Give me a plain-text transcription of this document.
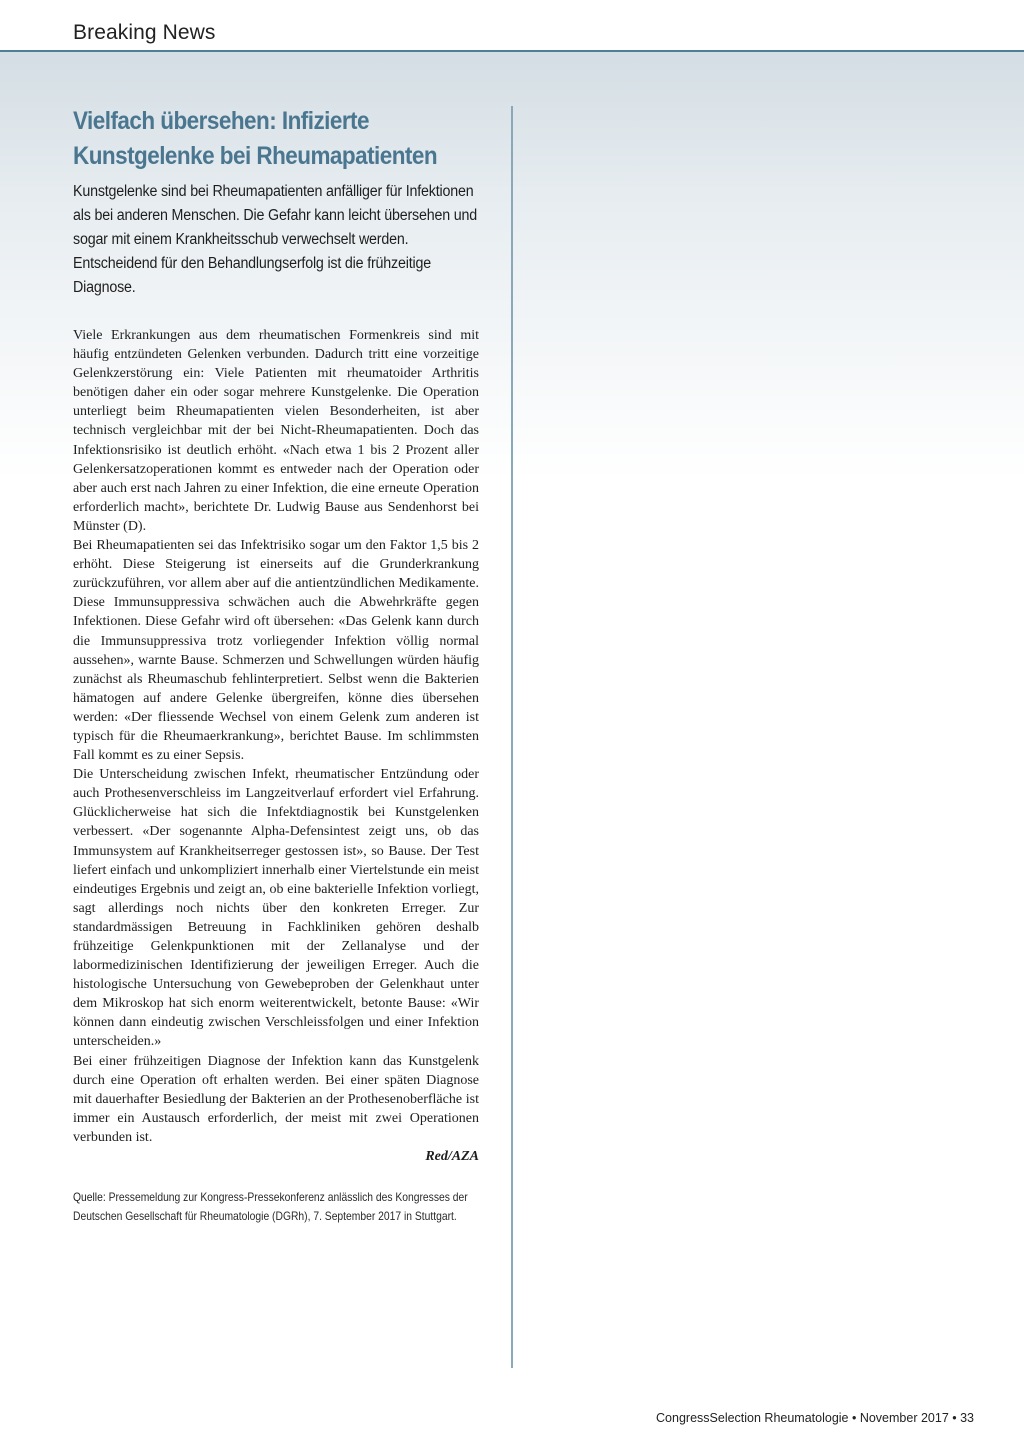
Breaking News
Vielfach übersehen: Infizierte Kunstgelenke bei Rheumapatienten

Kunstgelenke sind bei Rheumapatienten anfälliger für Infektionen als bei anderen Menschen. Die Gefahr kann leicht übersehen und sogar mit einem Krankheitsschub verwechselt werden. Entscheidend für den Behandlungserfolg ist die frühzeitige Diagnose.

Viele Erkrankungen aus dem rheumatischen Formenkreis sind mit häufig entzündeten Gelenken verbunden. Dadurch tritt eine vorzeitige Gelenkzerstörung ein: Viele Patienten mit rheumatoider Arthritis benötigen daher ein oder sogar mehrere Kunstgelenke. Die Operation unterliegt beim Rheumapatienten vielen Besonderheiten, ist aber technisch vergleichbar mit der bei Nicht-Rheumapatienten. Doch das Infektionsrisiko ist deutlich erhöht. «Nach etwa 1 bis 2 Prozent aller Gelenkersatzoperationen kommt es entweder nach der Operation oder aber auch erst nach Jahren zu einer Infektion, die eine erneute Operation erforderlich macht», berichtete Dr. Ludwig Bause aus Sendenhorst bei Münster (D).

Bei Rheumapatienten sei das Infektrisiko sogar um den Faktor 1,5 bis 2 erhöht. Diese Steigerung ist einerseits auf die Grunderkrankung zurückzuführen, vor allem aber auf die antientzündlichen Medikamente. Diese Immunsuppressiva schwächen auch die Abwehrkräfte gegen Infektionen. Diese Gefahr wird oft übersehen: «Das Gelenk kann durch die Immunsuppressiva trotz vorliegender Infektion völlig normal aussehen», warnte Bause. Schmerzen und Schwellungen würden häufig zunächst als Rheumaschub fehlinterpretiert. Selbst wenn die Bakterien hämatogen auf andere Gelenke übergreifen, könne dies übersehen werden: «Der fliessende Wechsel von einem Gelenk zum anderen ist typisch für die Rheumaerkrankung», berichtet Bause. Im schlimmsten Fall kommt es zu einer Sepsis.

Die Unterscheidung zwischen Infekt, rheumatischer Entzündung oder auch Prothesenverschleiss im Langzeitverlauf erfordert viel Erfahrung. Glücklicherweise hat sich die Infektdiagnostik bei Kunstgelenken verbessert. «Der sogenannte Alpha-Defensintest zeigt uns, ob das Immunsystem auf Krankheitserreger gestossen ist», so Bause. Der Test liefert einfach und unkompliziert innerhalb einer Viertelstunde ein meist eindeutiges Ergebnis und zeigt an, ob eine bakterielle Infektion vorliegt, sagt allerdings noch nichts über den konkreten Erreger. Zur standardmässigen Betreuung in Fachkliniken gehören deshalb frühzeitige Gelenkpunktionen mit der Zellanalyse und der labormedizinischen Identifizierung der jeweiligen Erreger. Auch die histologische Untersuchung von Gewebeproben der Gelenkhaut unter dem Mikroskop hat sich enorm weiterentwickelt, betonte Bause: «Wir können dann eindeutig zwischen Verschleissfolgen und einer Infektion unterscheiden.»

Bei einer frühzeitigen Diagnose der Infektion kann das Kunstgelenk durch eine Operation oft erhalten werden. Bei einer späten Diagnose mit dauerhafter Besiedlung der Bakterien an der Prothesenoberfläche ist immer ein Austausch erforderlich, der meist mit zwei Operationen verbunden ist.

Red/AZA
Quelle: Pressemeldung zur Kongress-Pressekonferenz anlässlich des Kongresses der Deutschen Gesellschaft für Rheumatologie (DGRh), 7. September 2017 in Stuttgart.
CongressSelection Rheumatologie • November 2017 • 33
